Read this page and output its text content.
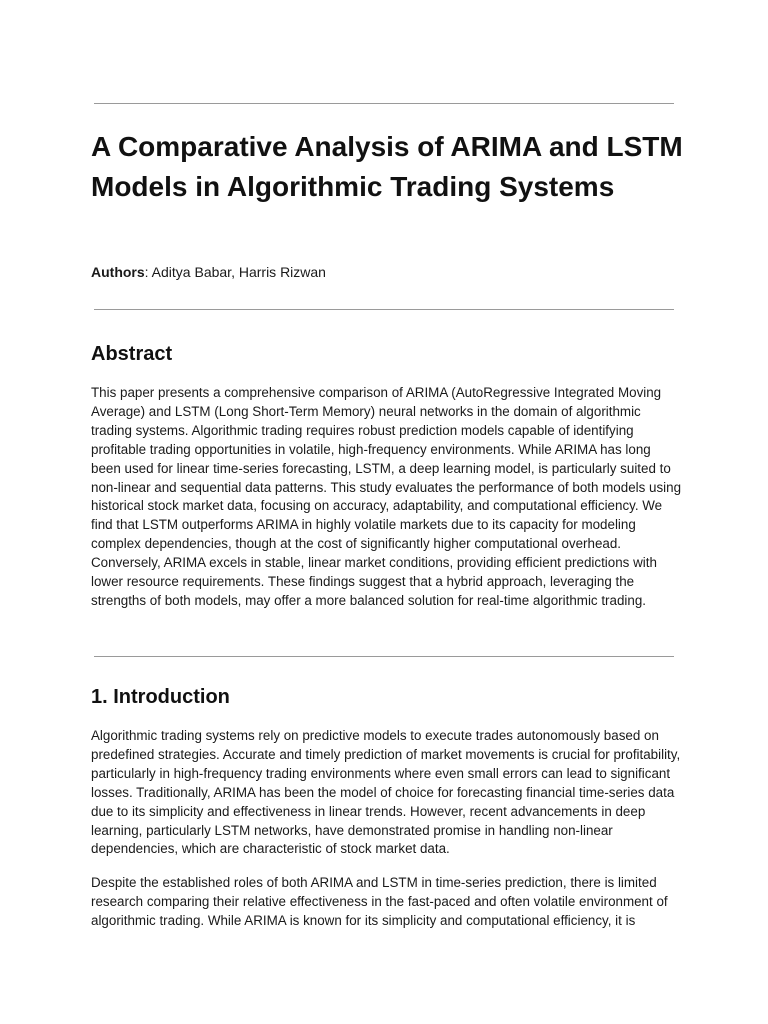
A Comparative Analysis of ARIMA and LSTM Models in Algorithmic Trading Systems

Authors: Aditya Babar, Harris Rizwan

Abstract

This paper presents a comprehensive comparison of ARIMA (AutoRegressive Integrated Moving Average) and LSTM (Long Short-Term Memory) neural networks in the domain of algorithmic trading systems. Algorithmic trading requires robust prediction models capable of identifying profitable trading opportunities in volatile, high-frequency environments. While ARIMA has long been used for linear time-series forecasting, LSTM, a deep learning model, is particularly suited to non-linear and sequential data patterns. This study evaluates the performance of both models using historical stock market data, focusing on accuracy, adaptability, and computational efficiency. We find that LSTM outperforms ARIMA in highly volatile markets due to its capacity for modeling complex dependencies, though at the cost of significantly higher computational overhead. Conversely, ARIMA excels in stable, linear market conditions, providing efficient predictions with lower resource requirements. These findings suggest that a hybrid approach, leveraging the strengths of both models, may offer a more balanced solution for real-time algorithmic trading.

1. Introduction

Algorithmic trading systems rely on predictive models to execute trades autonomously based on predefined strategies. Accurate and timely prediction of market movements is crucial for profitability, particularly in high-frequency trading environments where even small errors can lead to significant losses. Traditionally, ARIMA has been the model of choice for forecasting financial time-series data due to its simplicity and effectiveness in linear trends. However, recent advancements in deep learning, particularly LSTM networks, have demonstrated promise in handling non-linear dependencies, which are characteristic of stock market data.

Despite the established roles of both ARIMA and LSTM in time-series prediction, there is limited research comparing their relative effectiveness in the fast-paced and often volatile environment of algorithmic trading. While ARIMA is known for its simplicity and computational efficiency, it is
